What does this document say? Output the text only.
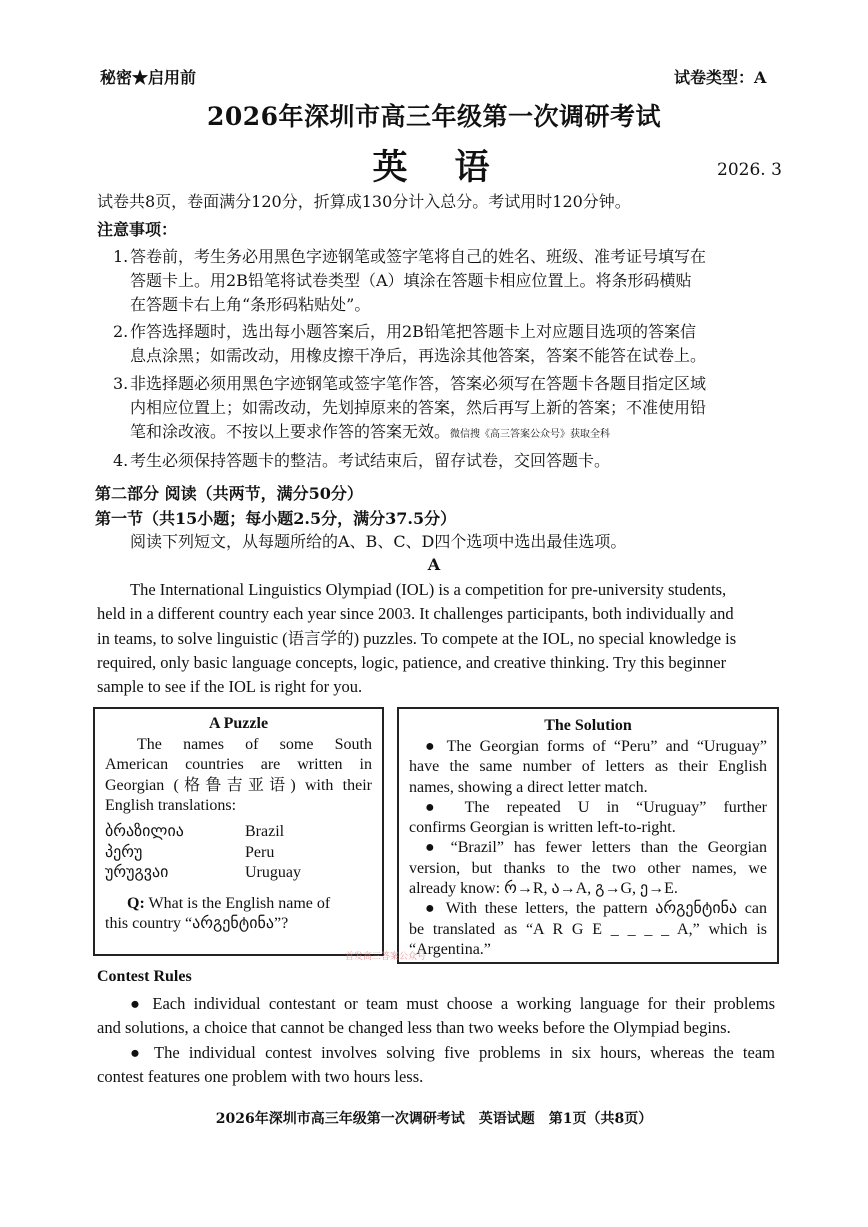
秘密★启用前	试卷类型：A
2026年深圳市高三年级第一次调研考试
英　语	2026. 3
试卷共8页，卷面满分120分，折算成130分计入总分。考试用时120分钟。
注意事项：
1. 答卷前，考生务必用黑色字迹钢笔或签字笔将自己的姓名、班级、准考证号填写在
答题卡上。用2B铅笔将试卷类型（A）填涂在答题卡相应位置上。将条形码横贴
在答题卡右上角“条形码粘贴处”。
2. 作答选择题时，选出每小题答案后，用2B铅笔把答题卡上对应题目选项的答案信
息点涂黑；如需改动，用橡皮擦干净后，再选涂其他答案，答案不能答在试卷上。
3. 非选择题必须用黑色字迹钢笔或签字笔作答，答案必须写在答题卡各题目指定区域
内相应位置上；如需改动，先划掉原来的答案，然后再写上新的答案；不准使用铅
笔和涂改液。不按以上要求作答的答案无效。微信搜《高三答案公众号》获取全科
4. 考生必须保持答题卡的整洁。考试结束后，留存试卷，交回答题卡。
第二部分 阅读（共两节，满分50分）
第一节（共15小题；每小题2.5分，满分37.5分）
阅读下列短文，从每题所给的A、B、C、D四个选项中选出最佳选项。
A
The International Linguistics Olympiad (IOL) is a competition for pre-university students,
held in a different country each year since 2003. It challenges participants, both individually and
in teams, to solve linguistic (语言学的) puzzles. To compete at the IOL, no special knowledge is
required, only basic language concepts, logic, patience, and creative thinking. Try this beginner
sample to see if the IOL is right for you.
A Puzzle
The names of some South
American countries are written in
Georgian (格鲁吉亚语) with their
English translations:
ბრაზილია	Brazil
პერუ	Peru
ურუგვაი	Uruguay
Q: What is the English name of
this country “არგენტინა”?
The Solution
● The Georgian forms of “Peru” and “Uruguay”
have the same number of letters as their English
names, showing a direct letter match.
● The repeated U in “Uruguay” further
confirms Georgian is written left-to-right.
● “Brazil” has fewer letters than the Georgian
version, but thanks to the two other names, we
already know: რ→R, ა→A, გ→G, ე→E.
● With these letters, the pattern არგენტინა can
be translated as “A R G E _ _ _ _ A,” which is
“Argentina.”
首发高三答案公众号
Contest Rules
● Each individual contestant or team must choose a working language for their problems
and solutions, a choice that cannot be changed less than two weeks before the Olympiad begins.
● The individual contest involves solving five problems in six hours, whereas the team
contest features one problem with two hours less.
2026年深圳市高三年级第一次调研考试　英语试题　第1页（共8页）
